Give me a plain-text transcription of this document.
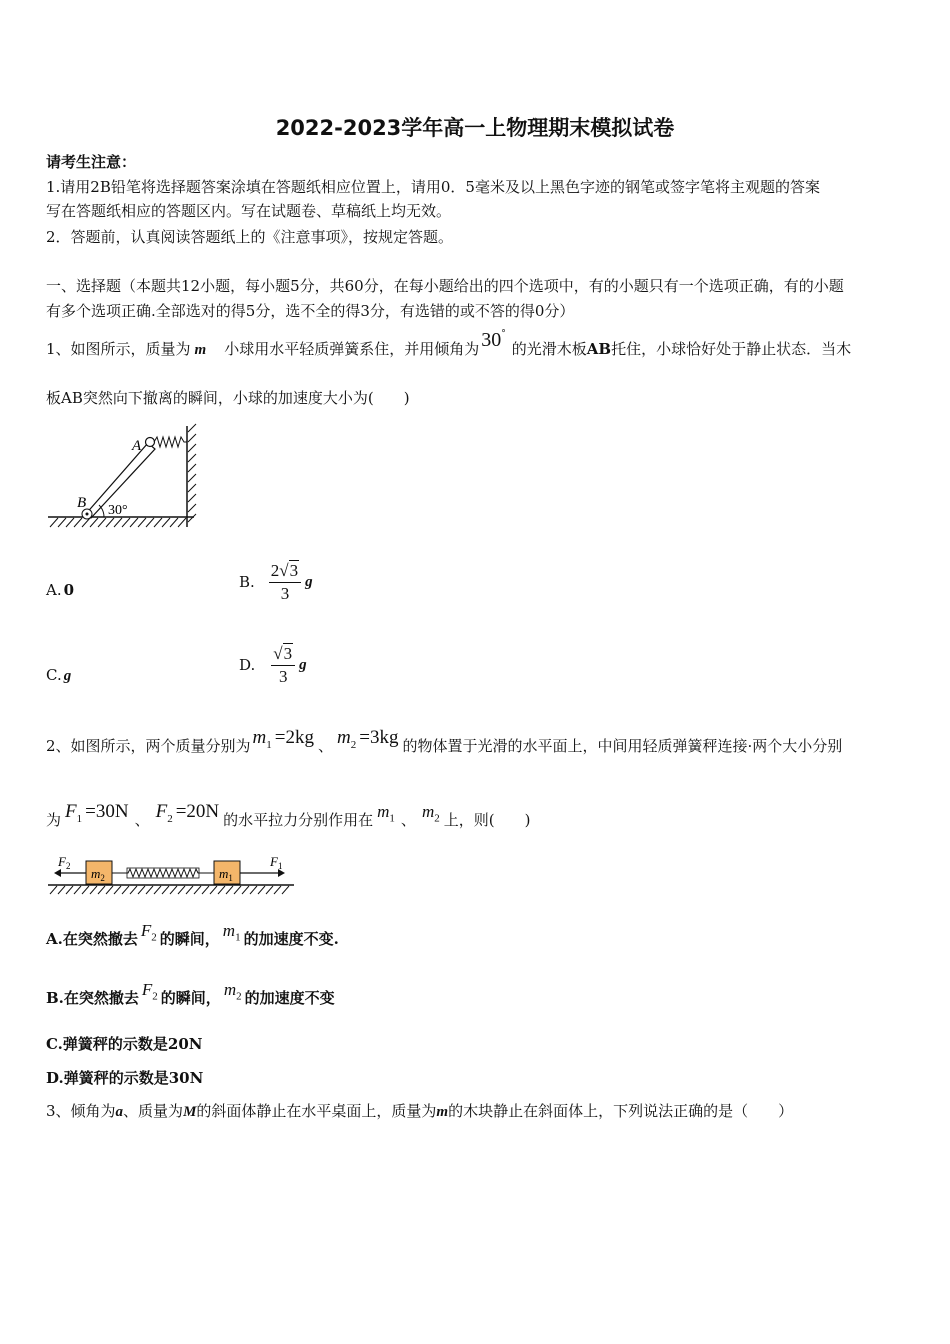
2022-2023学年高一上物理期末模拟试卷
请考生注意：
1.请用2B铅笔将选择题答案涂填在答题纸相应位置上，请用0．5毫米及以上黑色字迹的钢笔或签字笔将主观题的答案
写在答题纸相应的答题区内。写在试题卷、草稿纸上均无效。
2．答题前，认真阅读答题纸上的《注意事项》，按规定答题。
一、选择题（本题共12小题，每小题5分，共60分，在每小题给出的四个选项中，有的小题只有一个选项正确，有的小题
有多个选项正确.全部选对的得5分，选不全的得3分，有选错的或不答的得0分）
1、如图所示，质量为 m 小球用水平轻质弹簧系住，并用倾角为 30°的光滑木板AB托住，小球恰好处于静止状态．当木
板AB突然向下撤离的瞬间，小球的加速度大小为(　　)
A
B 30°
A. 0	B. $\frac{2√3}{3}$ g
C. g
D. $\frac{√3}{3}$ g
2、如图所示，两个质量分别为 $m_1 =2kg$ 、 $m_2 =3kg$ 的物体置于光滑的水平面上，中间用轻质弹簧秤连接·两个大小分别
为 $F_1 =30N$ 、 $F_2 =20N$ 的水平拉力分别作用在 $m_1$ 、 $m_2$ 上，则(　　)
$F_2$ $m_2$	$m_1$
$F_1$
A.在突然撤去 $F_2$ 的瞬间， $m_1$ 的加速度不变.
B.在突然撤去 $F_2$ 的瞬间， $m_2$ 的加速度不变
C.弹簧秤的示数是20N
D.弹簧秤的示数是30N
3、倾角为a、质量为M的斜面体静止在水平桌面上，质量为m的木块静止在斜面体上，下列说法正确的是（　　）
